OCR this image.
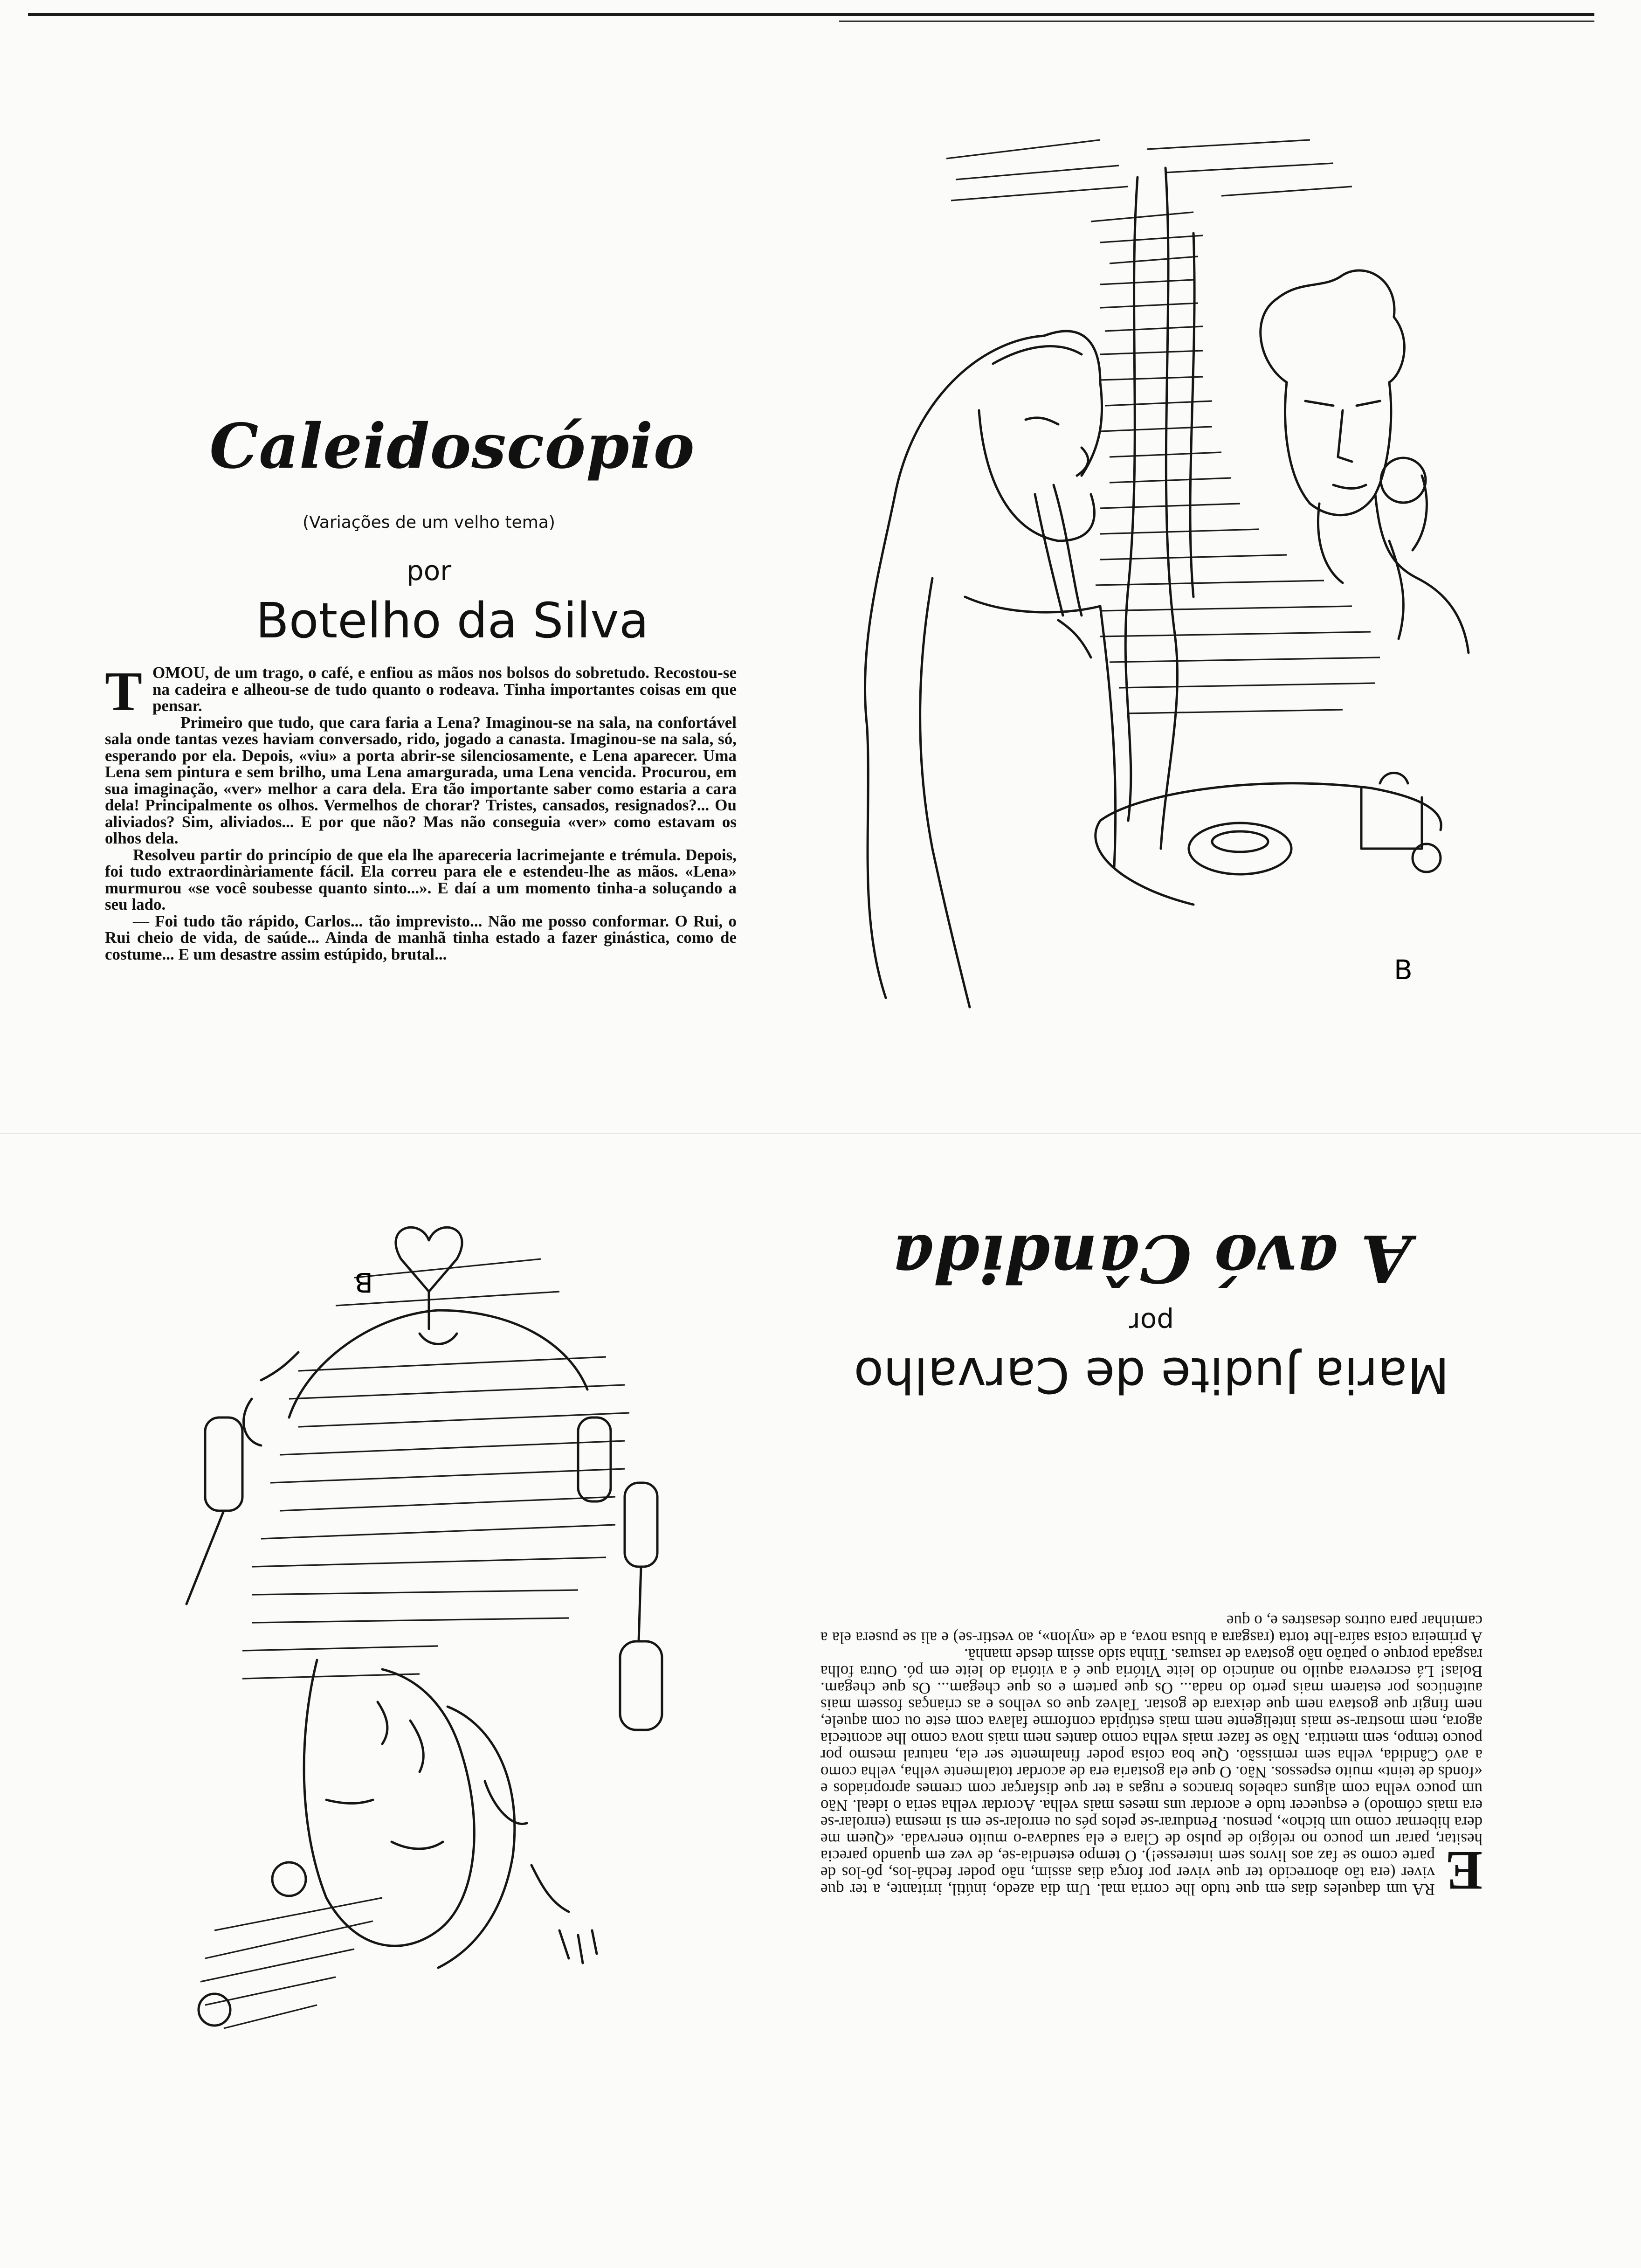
Caleidoscópio
(Variações de um velho tema)
por
Botelho da Silva
T OMOU, de um trago, o café, e enfiou as mãos nos bolsos do sobretudo. Recostou-se na cadeira e alheou-se de tudo quanto o rodeava. Tinha importantes coisas em que pensar.

Primeiro que tudo, que cara faria a Lena? Imaginou-se na sala, na confortável sala onde tantas vezes haviam conversado, rido, jogado a canasta. Imaginou-se na sala, só, esperando por ela. Depois, «viu» a porta abrir-se silenciosamente, e Lena aparecer. Uma Lena sem pintura e sem brilho, uma Lena amargurada, uma Lena vencida. Procurou, em sua imaginação, «ver» melhor a cara dela. Era tão importante saber como estaria a cara dela! Principalmente os olhos. Vermelhos de chorar? Tristes, cansados, resignados?... Ou aliviados? Sim, aliviados... E por que não? Mas não conseguia «ver» como estavam os olhos dela.

Resolveu partir do princípio de que ela lhe apareceria lacrimejante e trémula. Depois, foi tudo extraordinàriamente fácil. Ela correu para ele e estendeu-lhe as mãos. «Lena» murmurou «se você soubesse quanto sinto...». E daí a um momento tinha-a soluçando a seu lado.

— Foi tudo tão rápido, Carlos... tão imprevisto... Não me posso conformar. O Rui, o Rui cheio de vida, de saúde... Ainda de manhã tinha estado a fazer ginástica, como de costume... E um desastre assim estúpido, brutal...	B
E

RA um daqueles dias em que tudo lhe corria mal. Um dia azedo, inútil, irritante, a ter que viver (era tão aborrecido ter que viver por força dias assim, não poder fechá-los, pô-los de parte como se faz aos livros sem interesse!). O tempo estendia-se, de vez em quando parecia hesitar, parar um pouco no relógio de pulso de Clara e ela saudava-o muito enervada. «Quem me dera hibernar como um bicho», pensou. Pendurar-se pelos pés ou enrolar-se em si mesma (enrolar-se era mais cómodo) e esquecer tudo e acordar uns meses mais velha. Acordar velha seria o ideal. Não um pouco velha com alguns cabelos brancos e rugas a ter que disfarçar com cremes apropriados e «fonds de teint» muito espessos. Não. O que ela gostaria era de acordar totalmente velha, velha como a avó Cândida, velha sem remissão. Que boa coisa poder finalmente ser ela, natural mesmo por pouco tempo, sem mentira. Não se fazer mais velha como dantes nem mais nova como lhe acontecia agora, nem mostrar-se mais inteligente nem mais estúpida conforme falava com este ou com aquele, nem fingir que gostava nem que deixara de gostar. Talvez que os velhos e as crianças fossem mais autênticos por estarem mais perto do nada... Os que partem e os que chegam... Os que chegam. Bolas! Lá escrevera aquilo no anúncio do leite Vitória que é a vitória do leite em pó. Outra folha rasgada porque o patrão não gostava de rasuras. Tinha sido assim desde manhã.

A primeira coisa saíra-lhe torta (rasgara a blusa nova, a de «nylon», ao vestir-se) e ali se pusera ela a caminhar para outros desastres e, o que

Maria Judite de Carvalho
por
A avó Cândida
B
